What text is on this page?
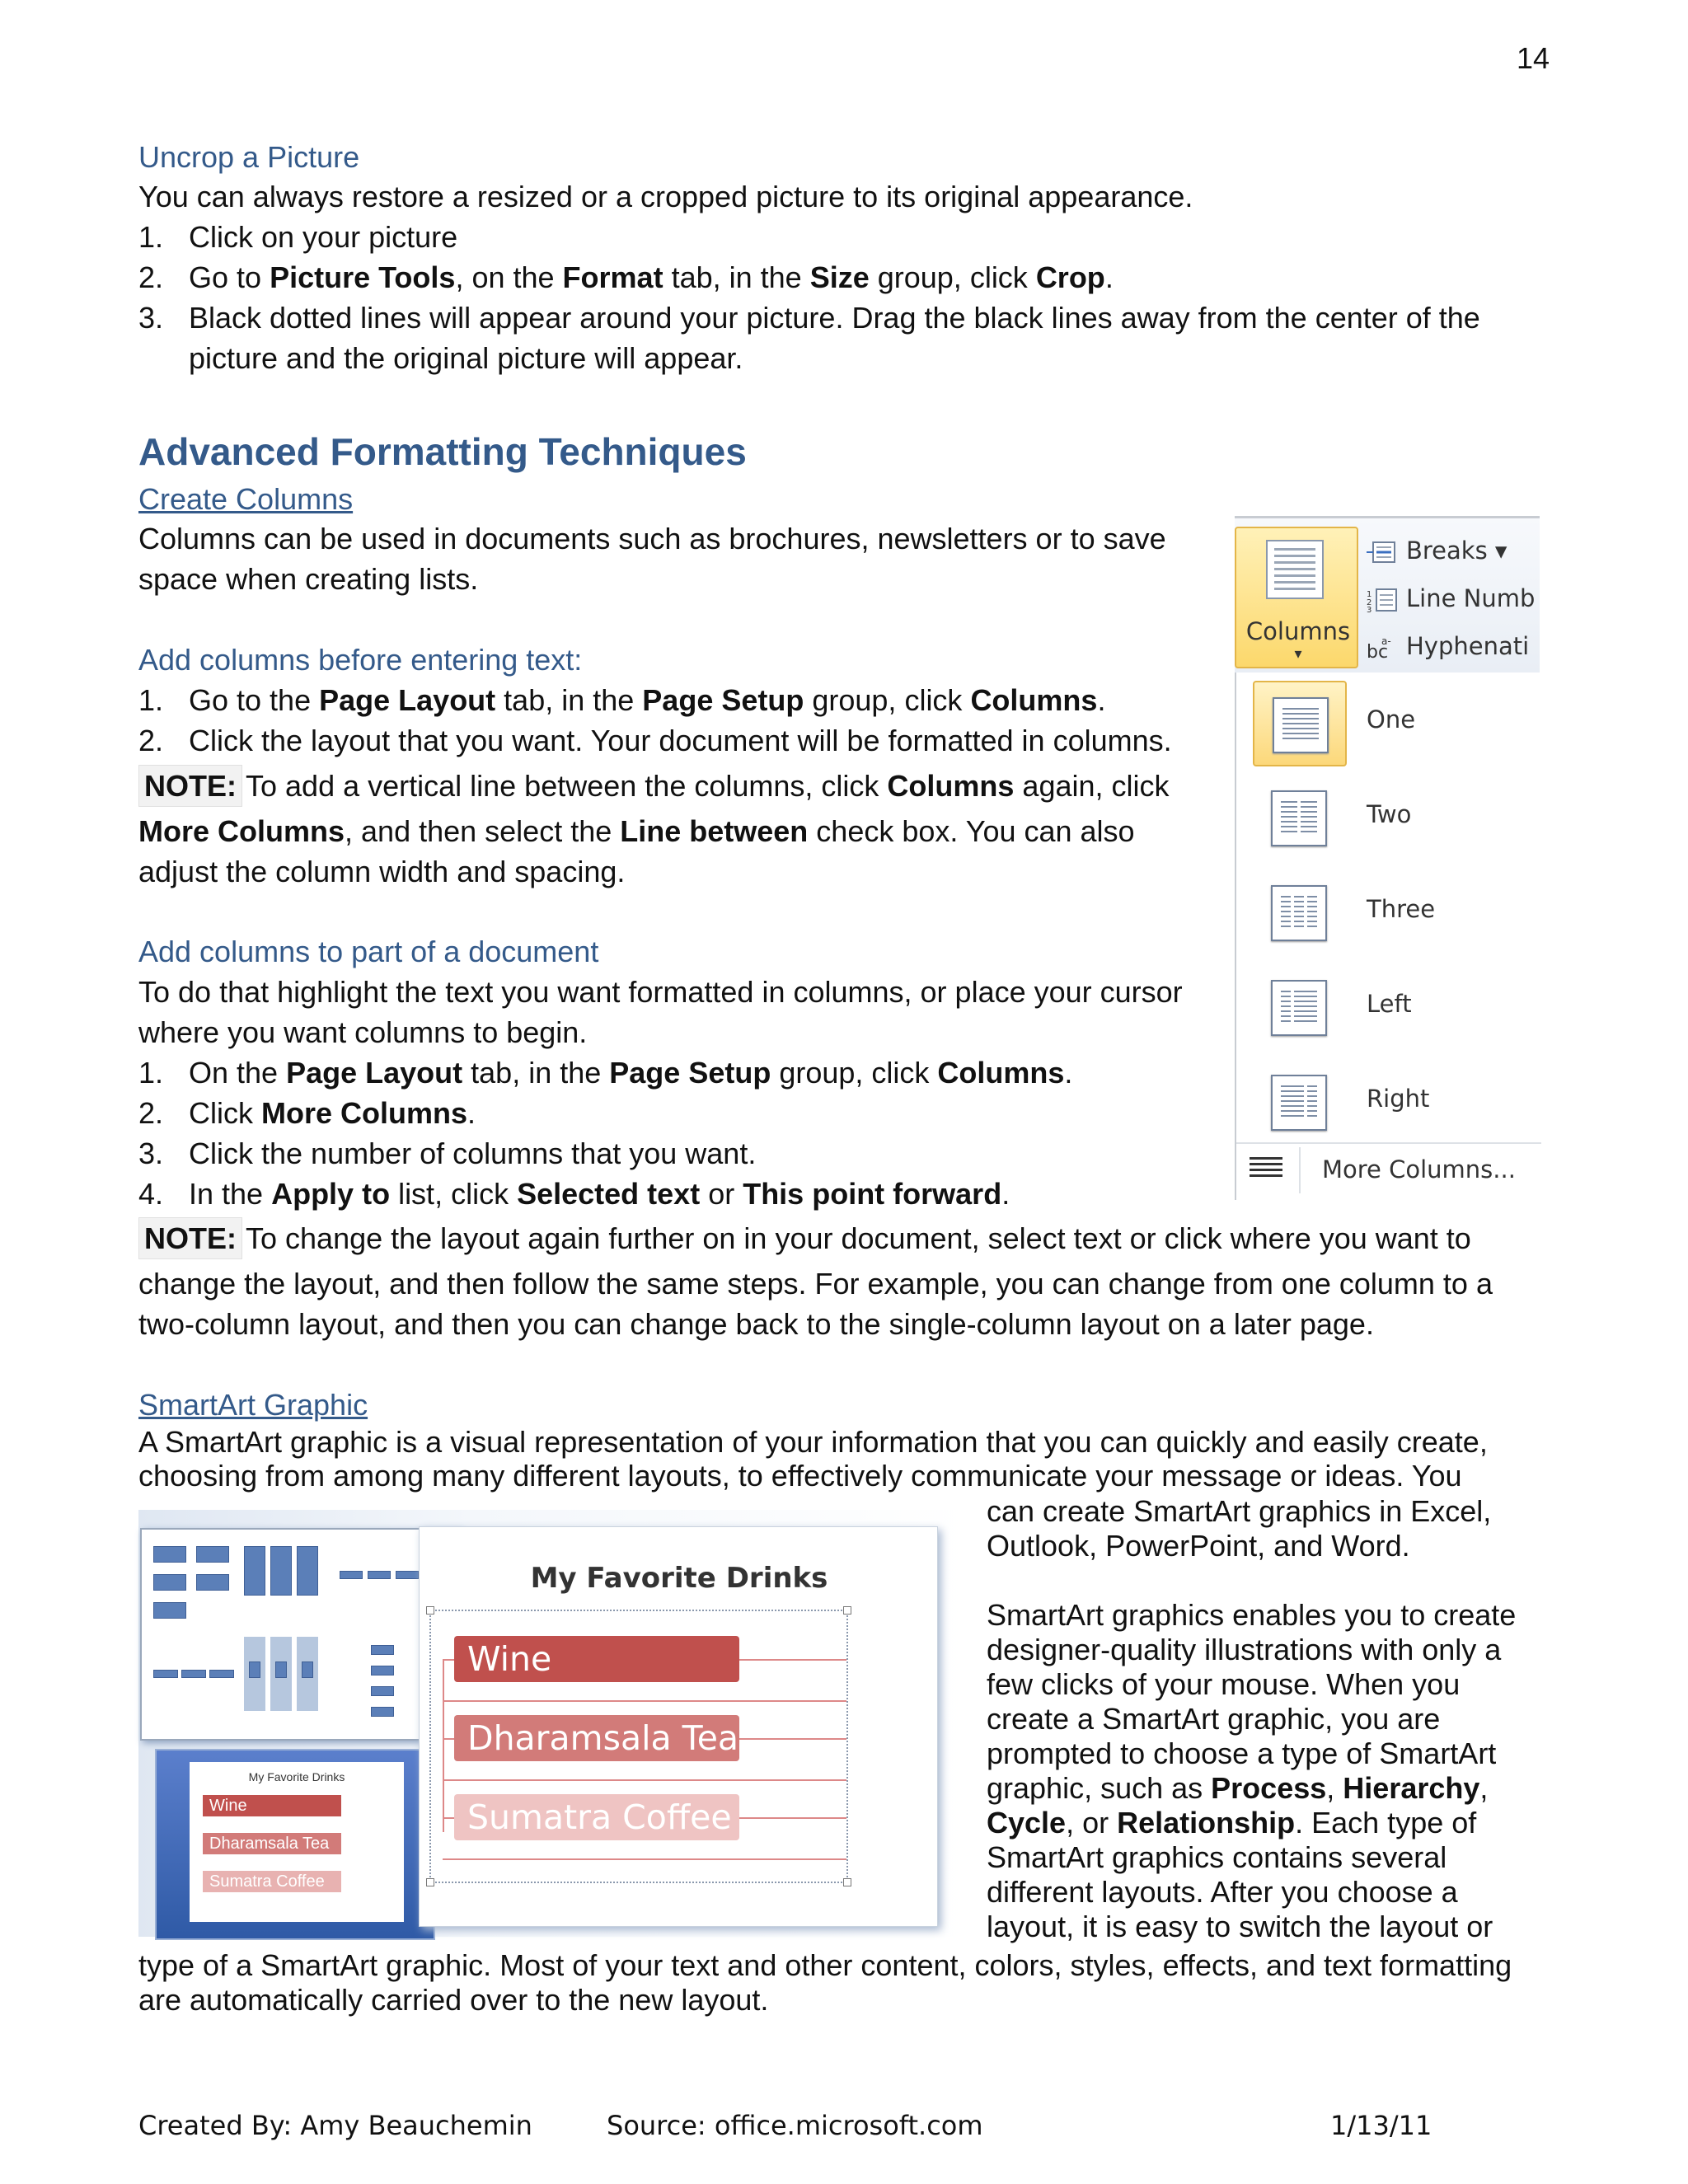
14
Uncrop a Picture
You can always restore a resized or a cropped picture to its original appearance.
1. Click on your picture
2. Go to Picture Tools, on the Format tab, in the Size group, click Crop.
3. Black dotted lines will appear around your picture. Drag the black lines away from the center of the
picture and the original picture will appear.
Advanced Formatting Techniques
Create Columns
Columns can be used in documents such as brochures, newsletters or to save
space when creating lists.
Add columns before entering text:
1. Go to the Page Layout tab, in the Page Setup group, click Columns.
2. Click the layout that you want. Your document will be formatted in columns.
NOTE: To add a vertical line between the columns, click Columns again, click
More Columns, and then select the Line between check box. You can also
adjust the column width and spacing.
Add columns to part of a document
To do that highlight the text you want formatted in columns, or place your cursor
where you want columns to begin.
1. On the Page Layout tab, in the Page Setup group, click Columns.
2. Click More Columns.
3. Click the number of columns that you want.
4. In the Apply to list, click Selected text or This point forward.
NOTE: To change the layout again further on in your document, select text or click where you want to
change the layout, and then follow the same steps. For example, you can change from one column to a
two-column layout, and then you can change back to the single-column layout on a later page.
SmartArt Graphic
A SmartArt graphic is a visual representation of your information that you can quickly and easily create,
choosing from among many different layouts, to effectively communicate your message or ideas. You
can create SmartArt graphics in Excel,
Outlook, PowerPoint, and Word.
SmartArt graphics enables you to create
designer-quality illustrations with only a
few clicks of your mouse. When you
create a SmartArt graphic, you are
prompted to choose a type of SmartArt
graphic, such as Process, Hierarchy,
Cycle, or Relationship. Each type of
SmartArt graphics contains several
different layouts. After you choose a
layout, it is easy to switch the layout or
type of a SmartArt graphic. Most of your text and other content, colors, styles, effects, and text formatting
are automatically carried over to the new layout.
Columns
▾
Breaks ▾
1
2
3 Line Numb
bc
a- Hyphenati
More Columns...
One
Two
Three
Left
Right
My Favorite Drinks
Wine
Dharamsala Tea
Sumatra Coffee
My Favorite Drinks
Wine
Dharamsala Tea
Sumatra Coffee
Created By: Amy Beauchemin	Source: office.microsoft.com	1/13/11
